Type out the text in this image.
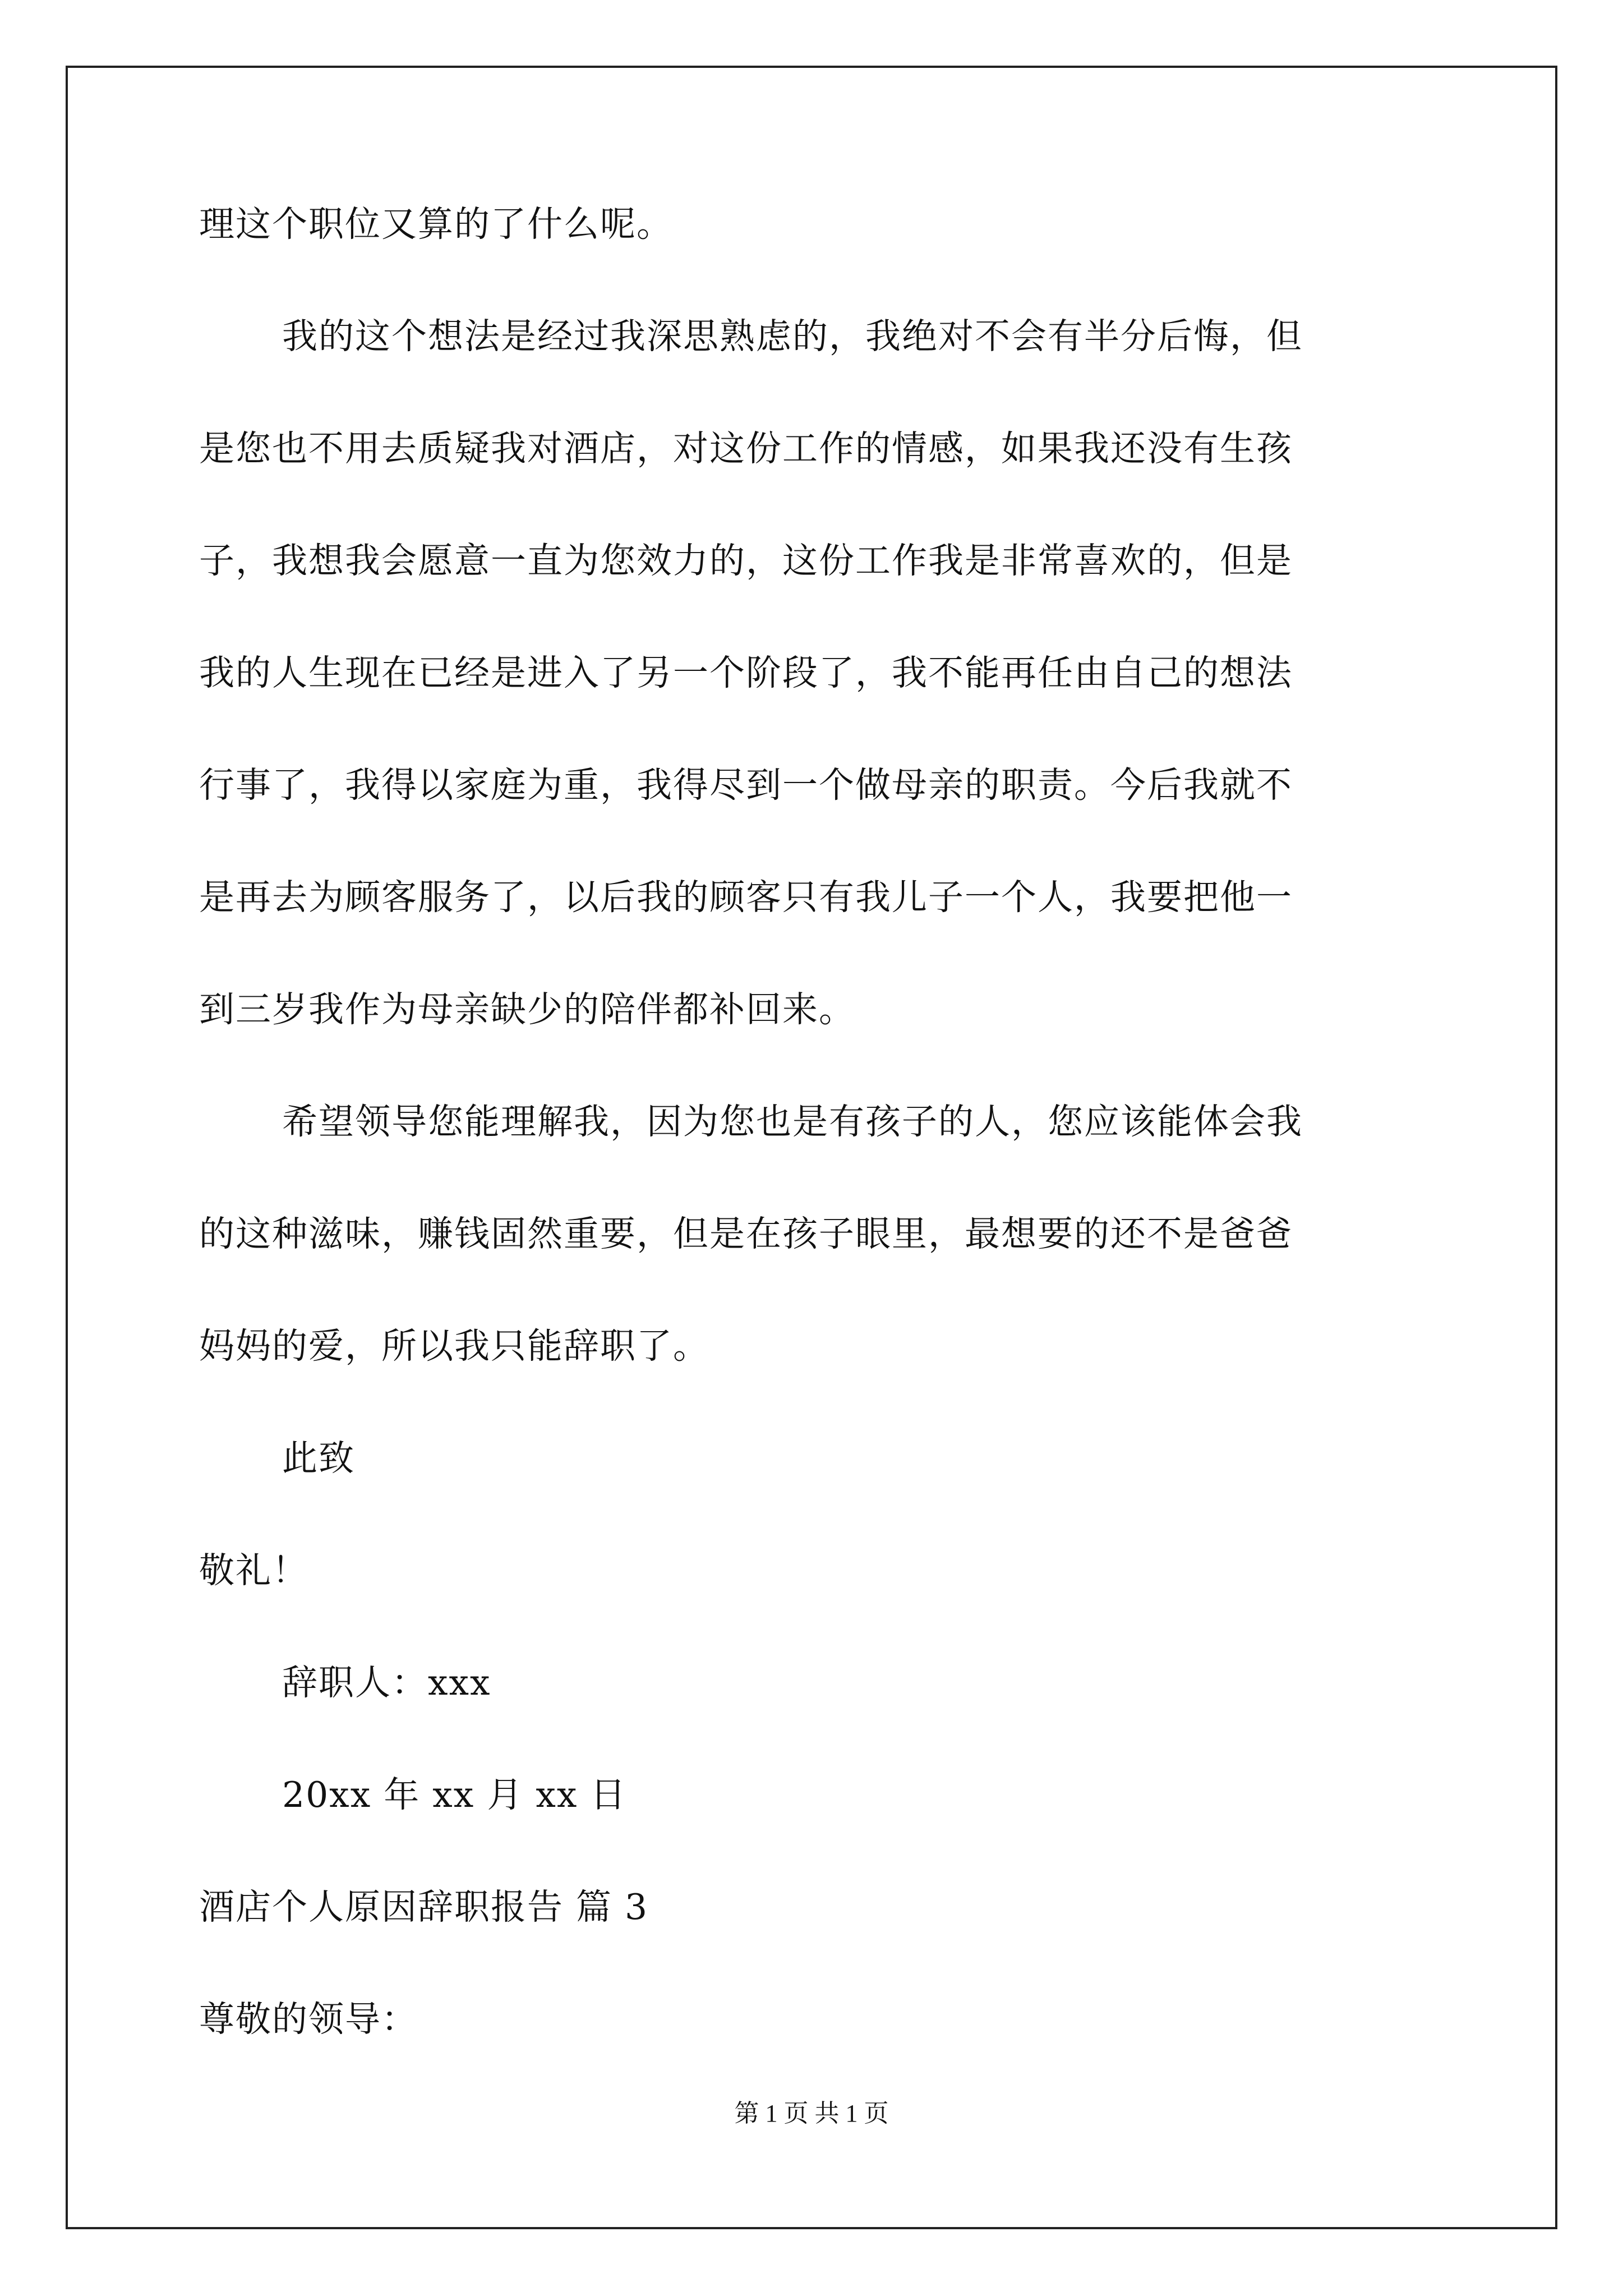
理这个职位又算的了什么呢。
我的这个想法是经过我深思熟虑的，我绝对不会有半分后悔，但
是您也不用去质疑我对酒店，对这份工作的情感，如果我还没有生孩
子，我想我会愿意一直为您效力的，这份工作我是非常喜欢的，但是
我的人生现在已经是进入了另一个阶段了，我不能再任由自己的想法
行事了，我得以家庭为重，我得尽到一个做母亲的职责。今后我就不
是再去为顾客服务了，以后我的顾客只有我儿子一个人，我要把他一
到三岁我作为母亲缺少的陪伴都补回来。
希望领导您能理解我，因为您也是有孩子的人，您应该能体会我
的这种滋味，赚钱固然重要，但是在孩子眼里，最想要的还不是爸爸
妈妈的爱，所以我只能辞职了。
此致
敬礼！
辞职人：xxx
20xx 年 xx 月 xx 日
酒店个人原因辞职报告 篇 3
尊敬的领导：
第 1 页 共 1 页
